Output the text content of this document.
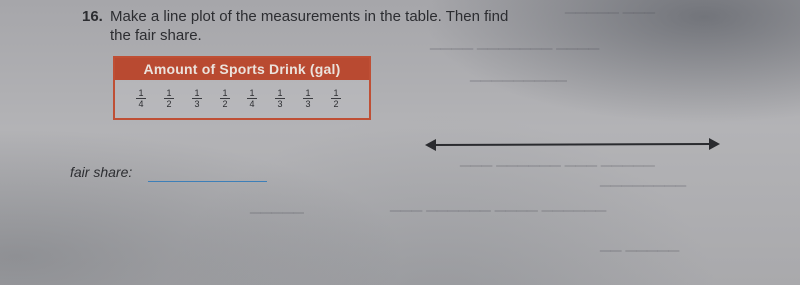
▔▔▔ ▔▔▔▔▔
▔▔▔▔ ▔▔▔▔▔▔▔ ▔▔▔▔
▔▔▔▔▔▔▔▔▔
▔▔▔▔▔ ▔▔▔ ▔▔▔▔▔▔ ▔▔▔
▔▔▔▔▔▔▔▔
▔▔▔▔▔▔ ▔▔▔▔ ▔▔▔▔▔▔ ▔▔▔
▔▔▔▔▔
▔▔▔▔▔ ▔▔
16. Make a line plot of the measurements in the table. Then find
the fair share.
Amount of Sports Drink (gal)
1
4
1
2
1
3
1
2
1
4
1
3
1
3
1
2
fair share:
